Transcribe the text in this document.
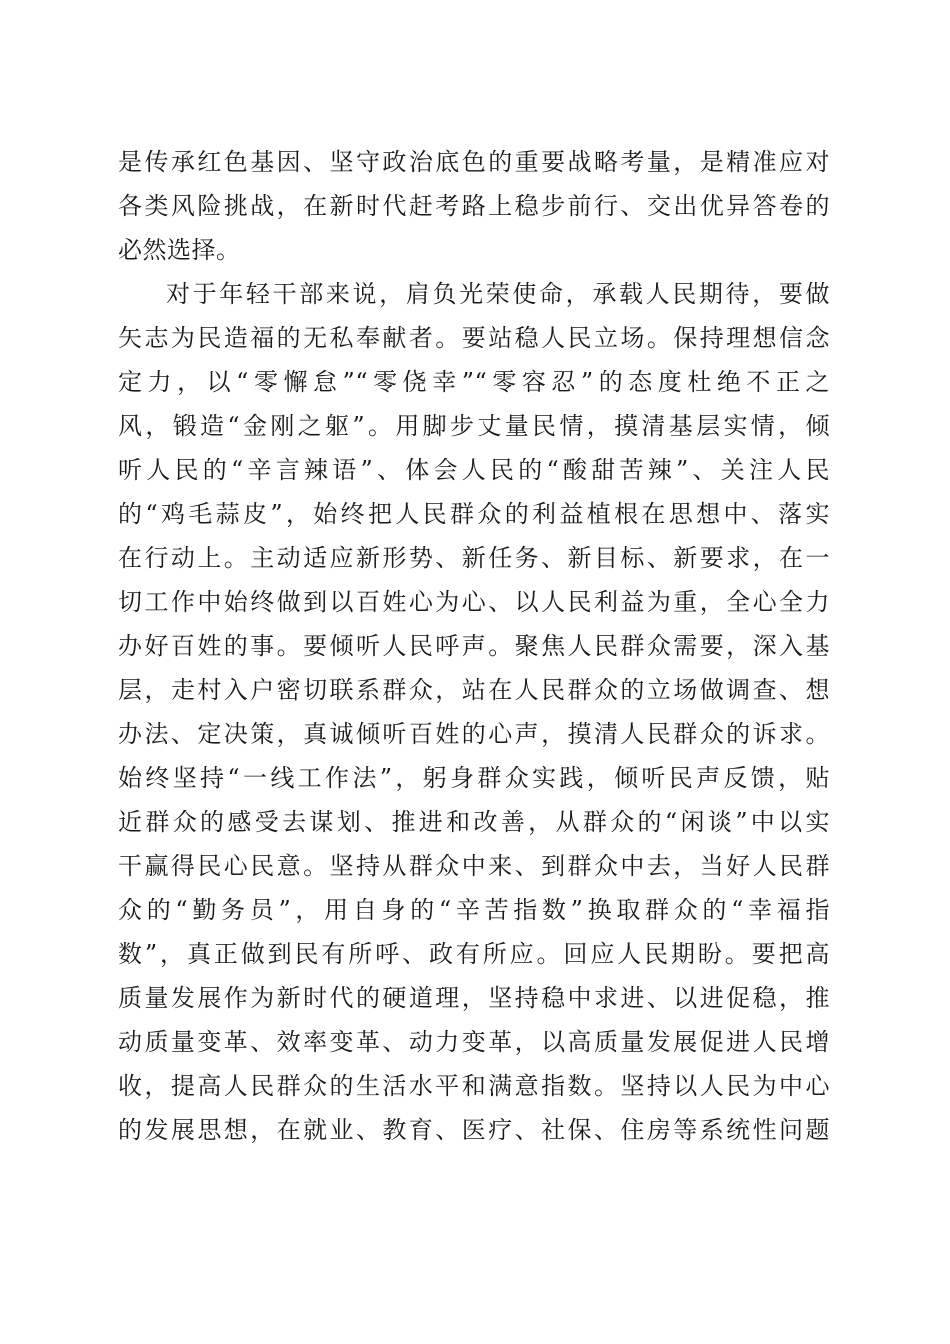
是传承红色基因、坚守政治底色的重要战略考量，是精准应对
各类风险挑战，在新时代赶考路上稳步前行、交出优异答卷的
必然选择。
对于年轻干部来说，肩负光荣使命，承载人民期待，要做
矢志为民造福的无私奉献者。要站稳人民立场。保持理想信念
定力，以“零懈怠”“零侥幸”“零容忍”的态度杜绝不正之
风，锻造“金刚之躯”。用脚步丈量民情，摸清基层实情，倾
听人民的“辛言辣语”、体会人民的“酸甜苦辣”、关注人民
的“鸡毛蒜皮”，始终把人民群众的利益植根在思想中、落实
在行动上。主动适应新形势、新任务、新目标、新要求，在一
切工作中始终做到以百姓心为心、以人民利益为重，全心全力
办好百姓的事。要倾听人民呼声。聚焦人民群众需要，深入基
层，走村入户密切联系群众，站在人民群众的立场做调查、想
办法、定决策，真诚倾听百姓的心声，摸清人民群众的诉求。
始终坚持“一线工作法”，躬身群众实践，倾听民声反馈，贴
近群众的感受去谋划、推进和改善，从群众的“闲谈”中以实
干赢得民心民意。坚持从群众中来、到群众中去，当好人民群
众的“勤务员”，用自身的“辛苦指数”换取群众的“幸福指
数”，真正做到民有所呼、政有所应。回应人民期盼。要把高
质量发展作为新时代的硬道理，坚持稳中求进、以进促稳，推
动质量变革、效率变革、动力变革，以高质量发展促进人民增
收，提高人民群众的生活水平和满意指数。坚持以人民为中心
的发展思想，在就业、教育、医疗、社保、住房等系统性问题
